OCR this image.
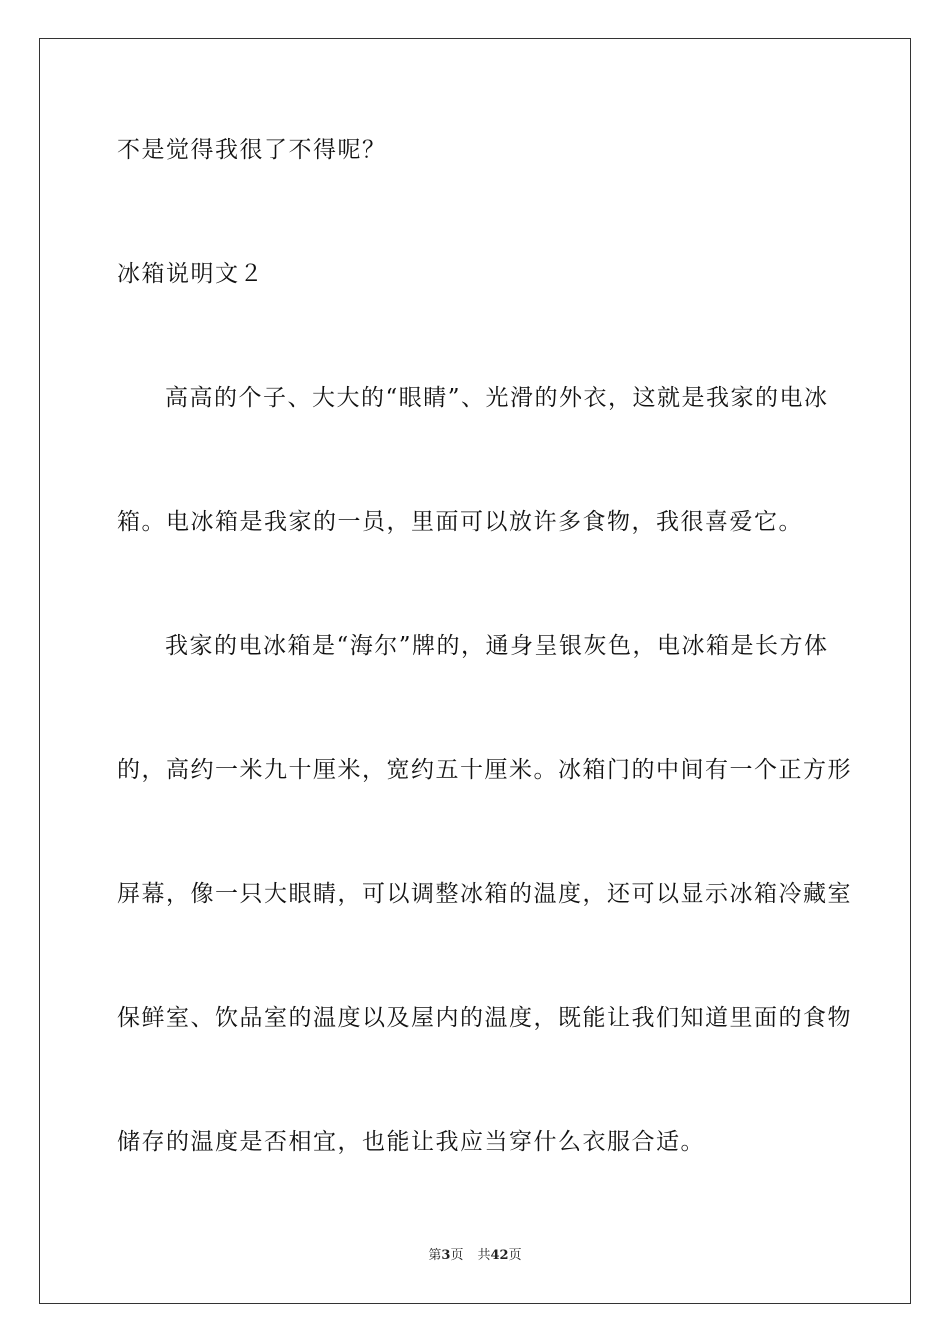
不是觉得我很了不得呢？
冰箱说明文２
高高的个子、大大的“眼睛”、光滑的外衣，这就是我家的电冰
箱。电冰箱是我家的一员，里面可以放许多食物，我很喜爱它。
我家的电冰箱是“海尔”牌的，通身呈银灰色，电冰箱是长方体
的，高约一米九十厘米，宽约五十厘米。冰箱门的中间有一个正方形
屏幕，像一只大眼睛，可以调整冰箱的温度，还可以显示冰箱冷藏室
保鲜室、饮品室的温度以及屋内的温度，既能让我们知道里面的食物
储存的温度是否相宜，也能让我应当穿什么衣服合适。
第3页 共42页
